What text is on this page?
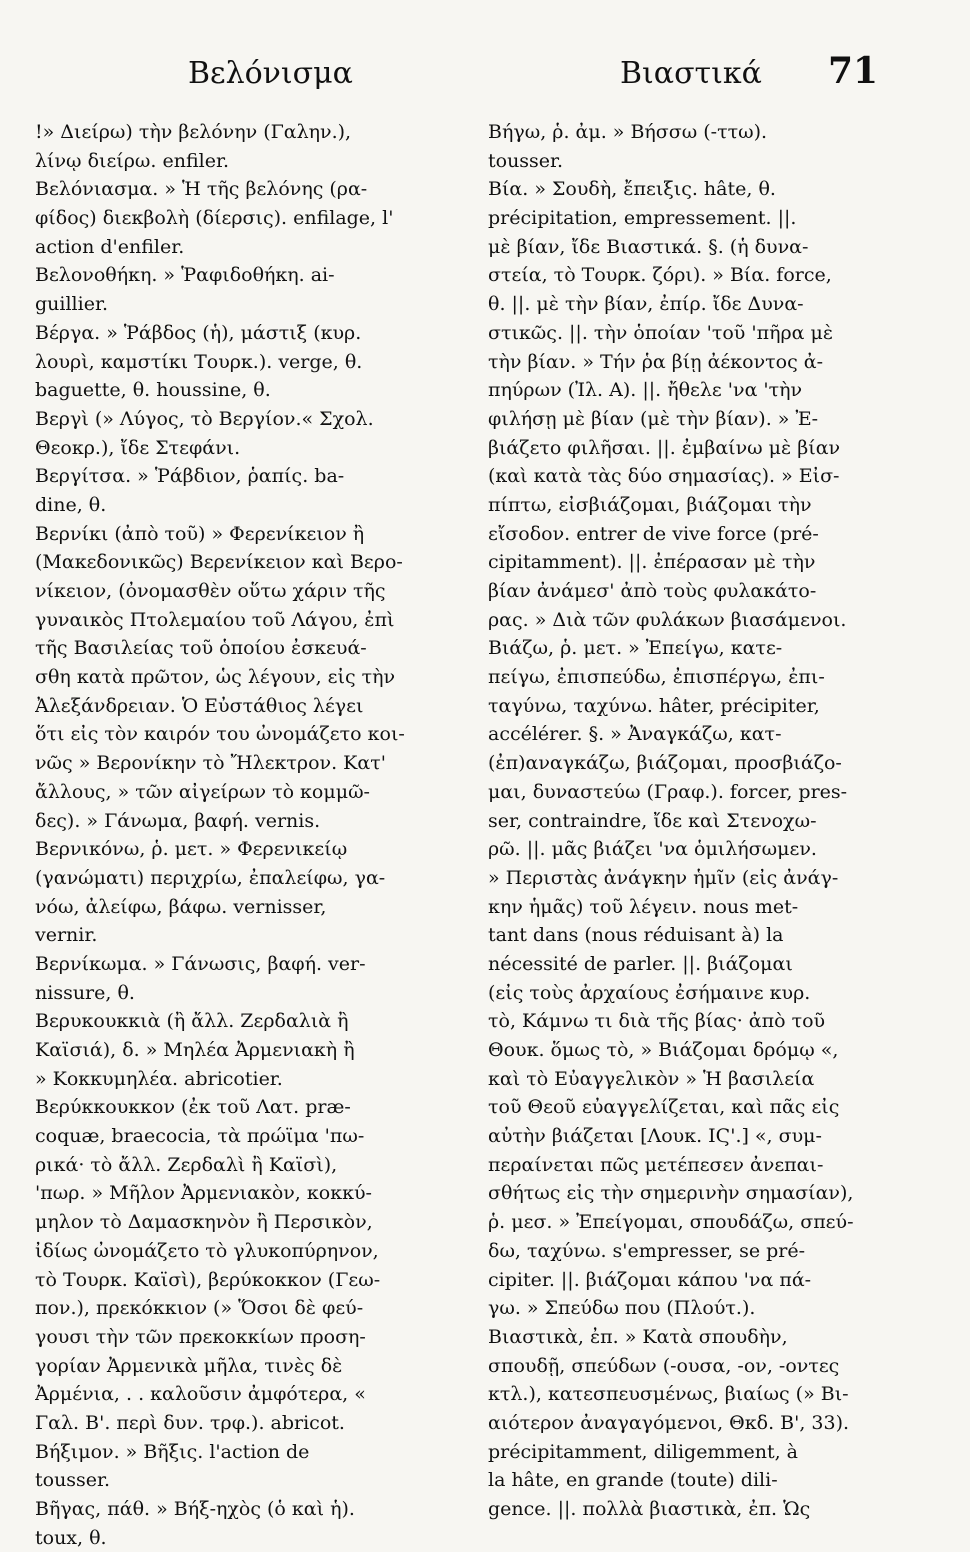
Βελόνισμα	Βιαστικά 71
!» Διείρω) τὴν βελόνην (Γαλην.),
λίνῳ διείρω. enfiler.
Βελόνιασμα. » Ἡ τῆς βελόνης (ρα-
φίδος) διεκβολὴ (δίερσις). enfilage, l'
action d'enfiler.
Βελονοθήκη. » Ῥαφιδοθήκη. ai-
guillier.
Βέργα. » Ῥάβδος (ἡ), μάστιξ (κυρ.
λουρὶ, καμστίκι Τουρκ.). verge, θ.
baguette, θ. houssine, θ.
Βεργὶ (» Λύγος, τὸ Βεργίον.« Σχολ.
Θεοκρ.), ἴδε Στεφάνι.
Βεργίτσα. » Ῥάβδιον, ῥαπίς. ba-
dine, θ.
Βερνίκι (ἀπὸ τοῦ) » Φερενίκειον ἢ
(Μακεδονικῶς) Βερενίκειον καὶ Βερο-
νίκειον, (ὀνομασθὲν οὕτω χάριν τῆς
γυναικὸς Πτολεμαίου τοῦ Λάγου, ἐπὶ
τῆς Βασιλείας τοῦ ὁποίου ἐσκευά-
σθη κατὰ πρῶτον, ὡς λέγουν, εἰς τὴν
Ἀλεξάνδρειαν. Ὁ Εὐστάθιος λέγει
ὅτι εἰς τὸν καιρόν του ὠνομάζετο κοι-
νῶς » Βερονίκην τὸ Ἤλεκτρον. Κατ'
ἄλλους, » τῶν αἰγείρων τὸ κομμῶ-
δες). » Γάνωμα, βαφή. vernis.
Βερνικόνω, ῥ. μετ. » Φερενικείῳ
(γανώματι) περιχρίω, ἐπαλείφω, γα-
νόω, ἀλείφω, βάφω. vernisser,
vernir.
Βερνίκωμα. » Γάνωσις, βαφή. ver-
nissure, θ.
Βερυκουκκιὰ (ἢ ἄλλ. Ζερδαλιὰ ἢ
Καϊσιά), δ. » Μηλέα Ἀρμενιακὴ ἢ
» Κοκκυμηλέα. abricotier.
Βερύκκουκκον (ἐκ τοῦ Λατ. præ-
coquæ, braecocia, τὰ πρώϊμα 'πω-
ρικά· τὸ ἄλλ. Ζερδαλὶ ἢ Καϊσὶ),
'πωρ. » Μῆλον Ἀρμενιακὸν, κοκκύ-
μηλον τὸ Δαμασκηνὸν ἢ Περσικὸν,
ἰδίως ὠνομάζετο τὸ γλυκοπύρηνον,
τὸ Τουρκ. Καϊσὶ), βερύκοκκον (Γεω-
πον.), πρεκόκκιον (» Ὅσοι δὲ φεύ-
γουσι τὴν τῶν πρεκοκκίων προση-
γορίαν Ἀρμενικὰ μῆλα, τινὲς δὲ
Ἀρμένια, . . καλοῦσιν ἀμφότερα, «
Γαλ. Β'. περὶ δυν. τρφ.). abricot.
Βήξιμον. » Βῆξις. l'action de
tousser.
Βῆγας, πάθ. » Βήξ-ηχὸς (ὁ καὶ ἡ).
toux, θ.
Βήγω, ῥ. ἀμ. » Βήσσω (-ττω).
tousser.
Βία. » Σουδὴ, ἔπειξις. hâte, θ.
précipitation, empressement. ||.
μὲ βίαν, ἴδε Βιαστικά. §. (ἡ δυνα-
στεία, τὸ Τουρκ. ζόρι). » Βία. force,
θ. ||. μὲ τὴν βίαν, ἐπίρ. ἴδε Δυνα-
στικῶς. ||. τὴν ὁποίαν 'τοῦ 'πῆρα μὲ
τὴν βίαν. » Τήν ῥα βίῃ ἀέκοντος ἀ-
πηύρων (Ἰλ. Α). ||. ἤθελε 'να 'τὴν
φιλήσῃ μὲ βίαν (μὲ τὴν βίαν). » Ἐ-
βιάζετο φιλῆσαι. ||. ἐμβαίνω μὲ βίαν
(καὶ κατὰ τὰς δύο σημασίας). » Εἰσ-
πίπτω, εἰσβιάζομαι, βιάζομαι τὴν
εἴσοδον. entrer de vive force (pré-
cipitamment). ||. ἐπέρασαν μὲ τὴν
βίαν ἀνάμεσ' ἀπὸ τοὺς φυλακάτο-
ρας. » Διὰ τῶν φυλάκων βιασάμενοι.
Βιάζω, ῥ. μετ. » Ἐπείγω, κατε-
πείγω, ἐπισπεύδω, ἐπισπέργω, ἐπι-
ταγύνω, ταχύνω. hâter, précipiter,
accélérer. §. » Ἀναγκάζω, κατ-
(ἐπ)αναγκάζω, βιάζομαι, προσβιάζο-
μαι, δυναστεύω (Γραφ.). forcer, pres-
ser, contraindre, ἴδε καὶ Στενοχω-
ρῶ. ||. μᾶς βιάζει 'να ὁμιλήσωμεν.
» Περιστὰς ἀνάγκην ἡμῖν (εἰς ἀνάγ-
κην ἡμᾶς) τοῦ λέγειν. nous met-
tant dans (nous réduisant à) la
nécessité de parler. ||. βιάζομαι
(εἰς τοὺς ἀρχαίους ἐσήμαινε κυρ.
τὸ, Κάμνω τι διὰ τῆς βίας· ἀπὸ τοῦ
Θουκ. ὅμως τὸ, » Βιάζομαι δρόμῳ «,
καὶ τὸ Εὐαγγελικὸν » Ἡ βασιλεία
τοῦ Θεοῦ εὐαγγελίζεται, καὶ πᾶς εἰς
αὐτὴν βιάζεται [Λουκ. ΙϚ'.] «, συμ-
περαίνεται πῶς μετέπεσεν ἀνεπαι-
σθήτως εἰς τὴν σημερινὴν σημασίαν),
ῥ. μεσ. » Ἐπείγομαι, σπουδάζω, σπεύ-
δω, ταχύνω. s'empresser, se pré-
cipiter. ||. βιάζομαι κάπου 'να πά-
γω. » Σπεύδω που (Πλούτ.).
Βιαστικὰ, ἐπ. » Κατὰ σπουδὴν,
σπουδῇ, σπεύδων (-ουσα, -ον, -οντες
κτλ.), κατεσπευσμένως, βιαίως (» Βι-
αιότερον ἀναγαγόμενοι, Θκδ. Β', 33).
précipitamment, diligemment, à
la hâte, en grande (toute) dili-
gence. ||. πολλὰ βιαστικὰ, ἐπ. Ὡς
